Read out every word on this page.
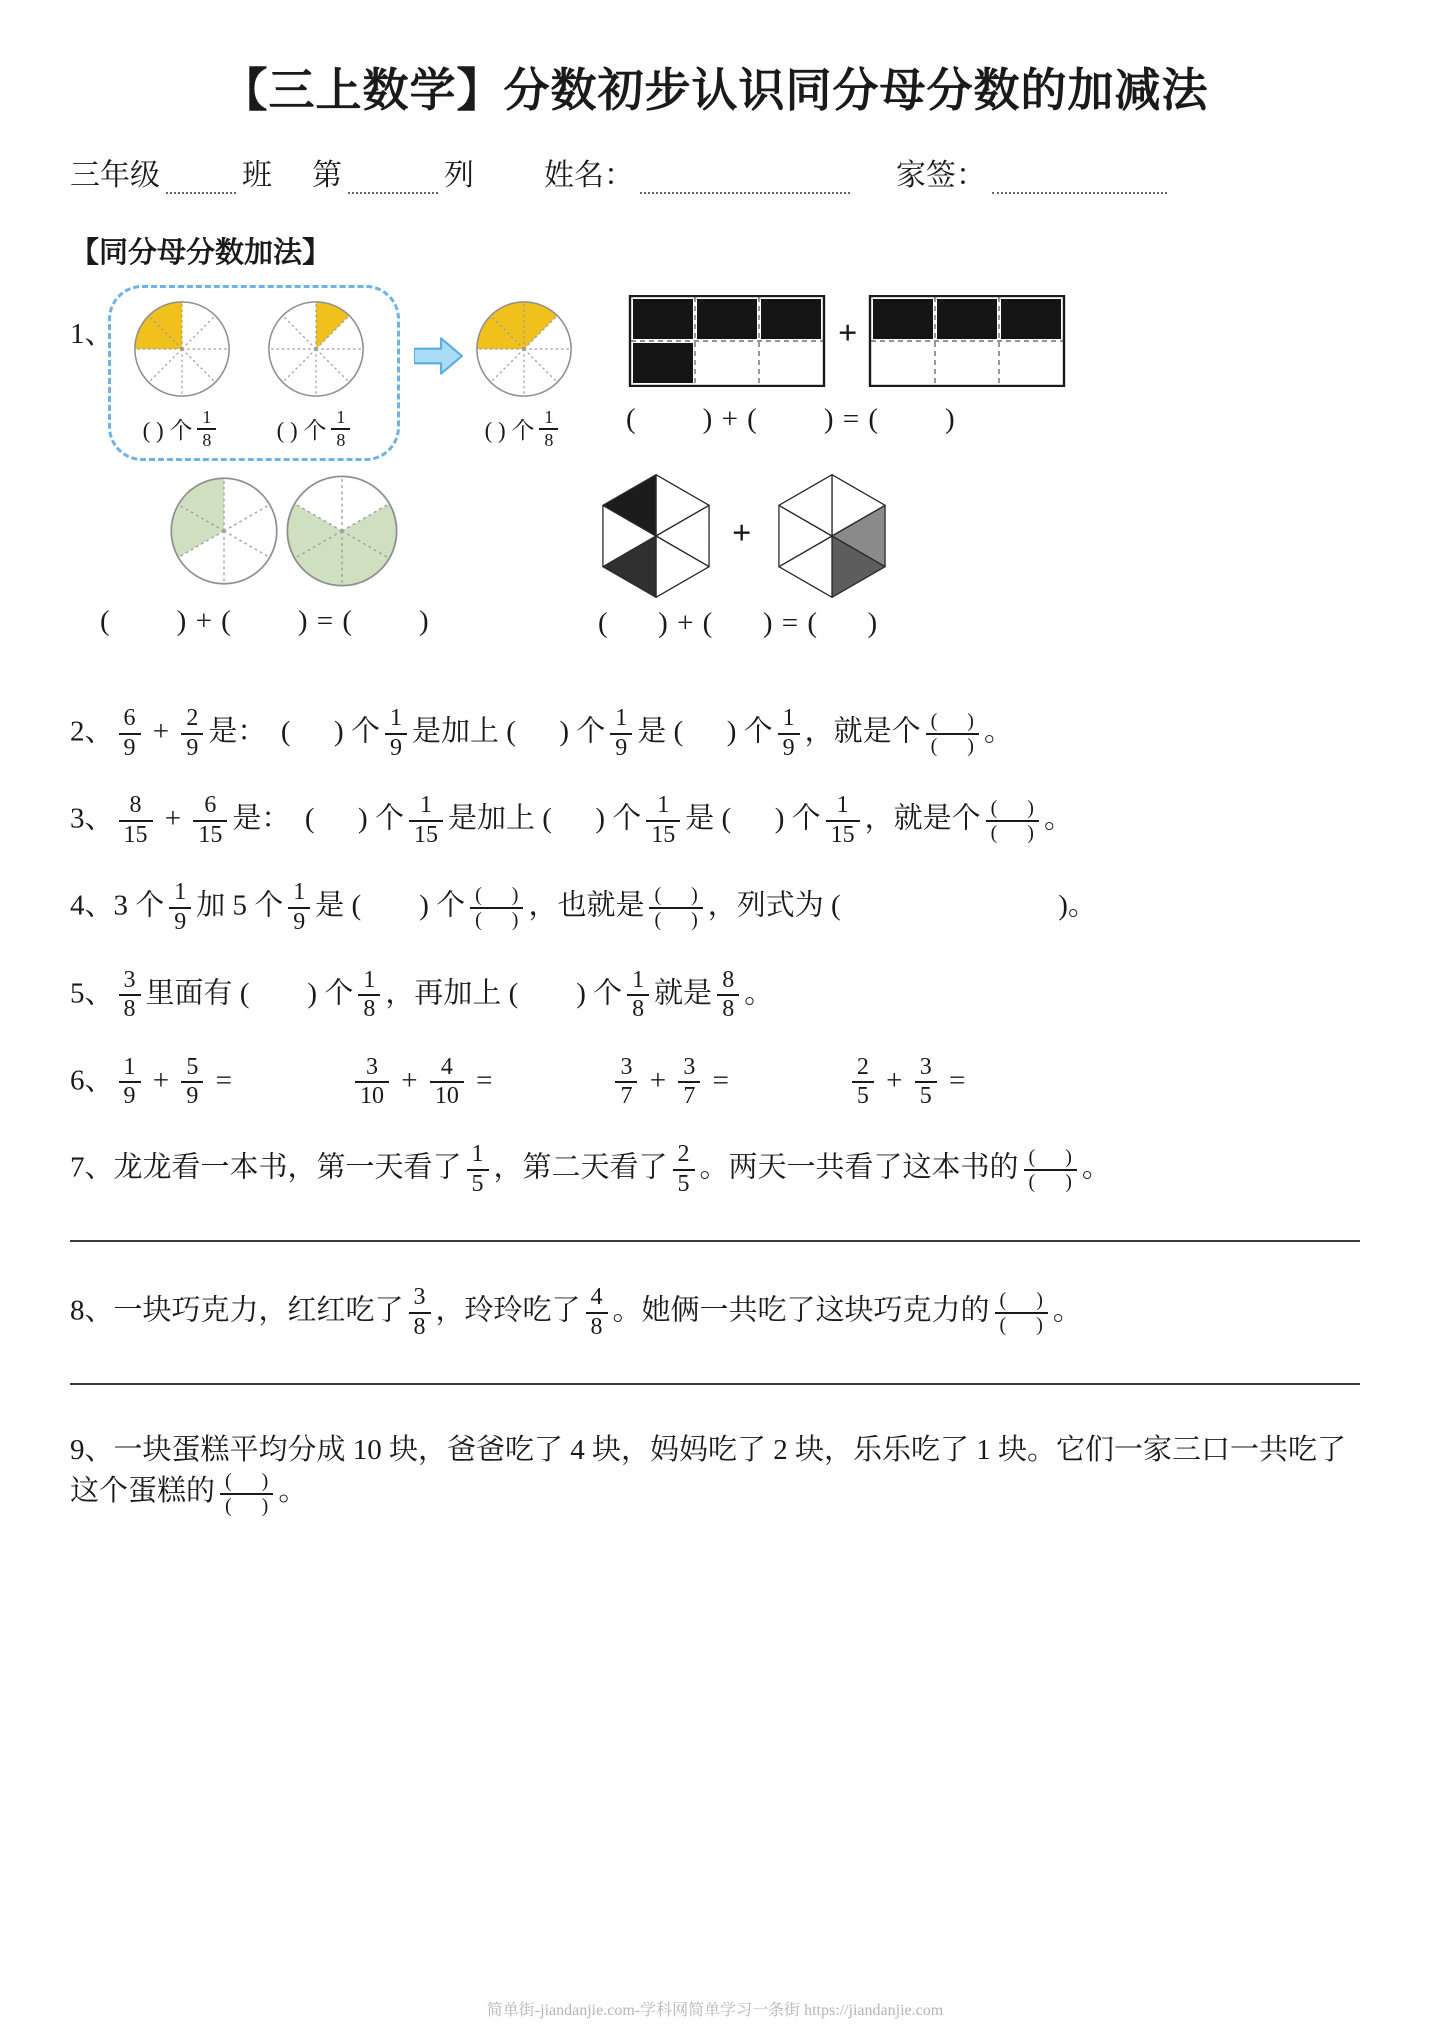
【三上数学】分数初步认识同分母分数的加减法
三年级	班 第	列 姓名：	家签：
【同分母分数加法】
1、
( ) 个 $\frac{1}{8}$	( ) 个 $\frac{1}{8}$	( ) 个 $\frac{1}{8}$
+
(        ) + (        ) = (        )
(        ) + (        ) = (        )
+
(      ) + (      ) = (      )
2、 $\frac{6}{9} + \frac{2}{9}$ 是：  (      ) 个 $\frac{1}{9}$ 是加上 (      ) 个 $\frac{1}{9}$ 是 (      ) 个 $\frac{1}{9}$ ，就是个 $\frac{( )}{( )}$ 。
3、 $\frac{8}{15} + \frac{6}{15}$ 是：  (      ) 个 $\frac{1}{15}$ 是加上 (      ) 个 $\frac{1}{15}$ 是 (      ) 个 $\frac{1}{15}$ ，就是个 $\frac{( )}{( )}$ 。
4、3 个 $\frac{1}{9}$ 加 5 个 $\frac{1}{9}$ 是 (        ) 个 $\frac{( )}{( )}$ ，也就是 $\frac{( )}{( )}$ ，列式为 (                              )。
5、 $\frac{3}{8}$ 里面有 (        ) 个 $\frac{1}{8}$ ，再加上 (        ) 个 $\frac{1}{8}$ 就是 $\frac{8}{8}$ 。
6、 $\frac{1}{9} + \frac{5}{9}$ =	$\frac{3}{10} + \frac{4}{10}$ =	$\frac{3}{7} + \frac{3}{7}$ =	$\frac{2}{5} + \frac{3}{5}$ =
7、龙龙看一本书，第一天看了 $\frac{1}{5}$ ，第二天看了 $\frac{2}{5}$ 。两天一共看了这本书的 $\frac{( )}{( )}$ 。
8、一块巧克力，红红吃了 $\frac{3}{8}$ ，玲玲吃了 $\frac{4}{8}$ 。她俩一共吃了这块巧克力的 $\frac{( )}{( )}$ 。
9、一块蛋糕平均分成 10 块，爸爸吃了 4 块，妈妈吃了 2 块，乐乐吃了 1 块。它们一家三口一共吃了这个蛋糕的 $\frac{( )}{( )}$ 。
简单街-jiandanjie.com-学科网简单学习一条街 https://jiandanjie.com
